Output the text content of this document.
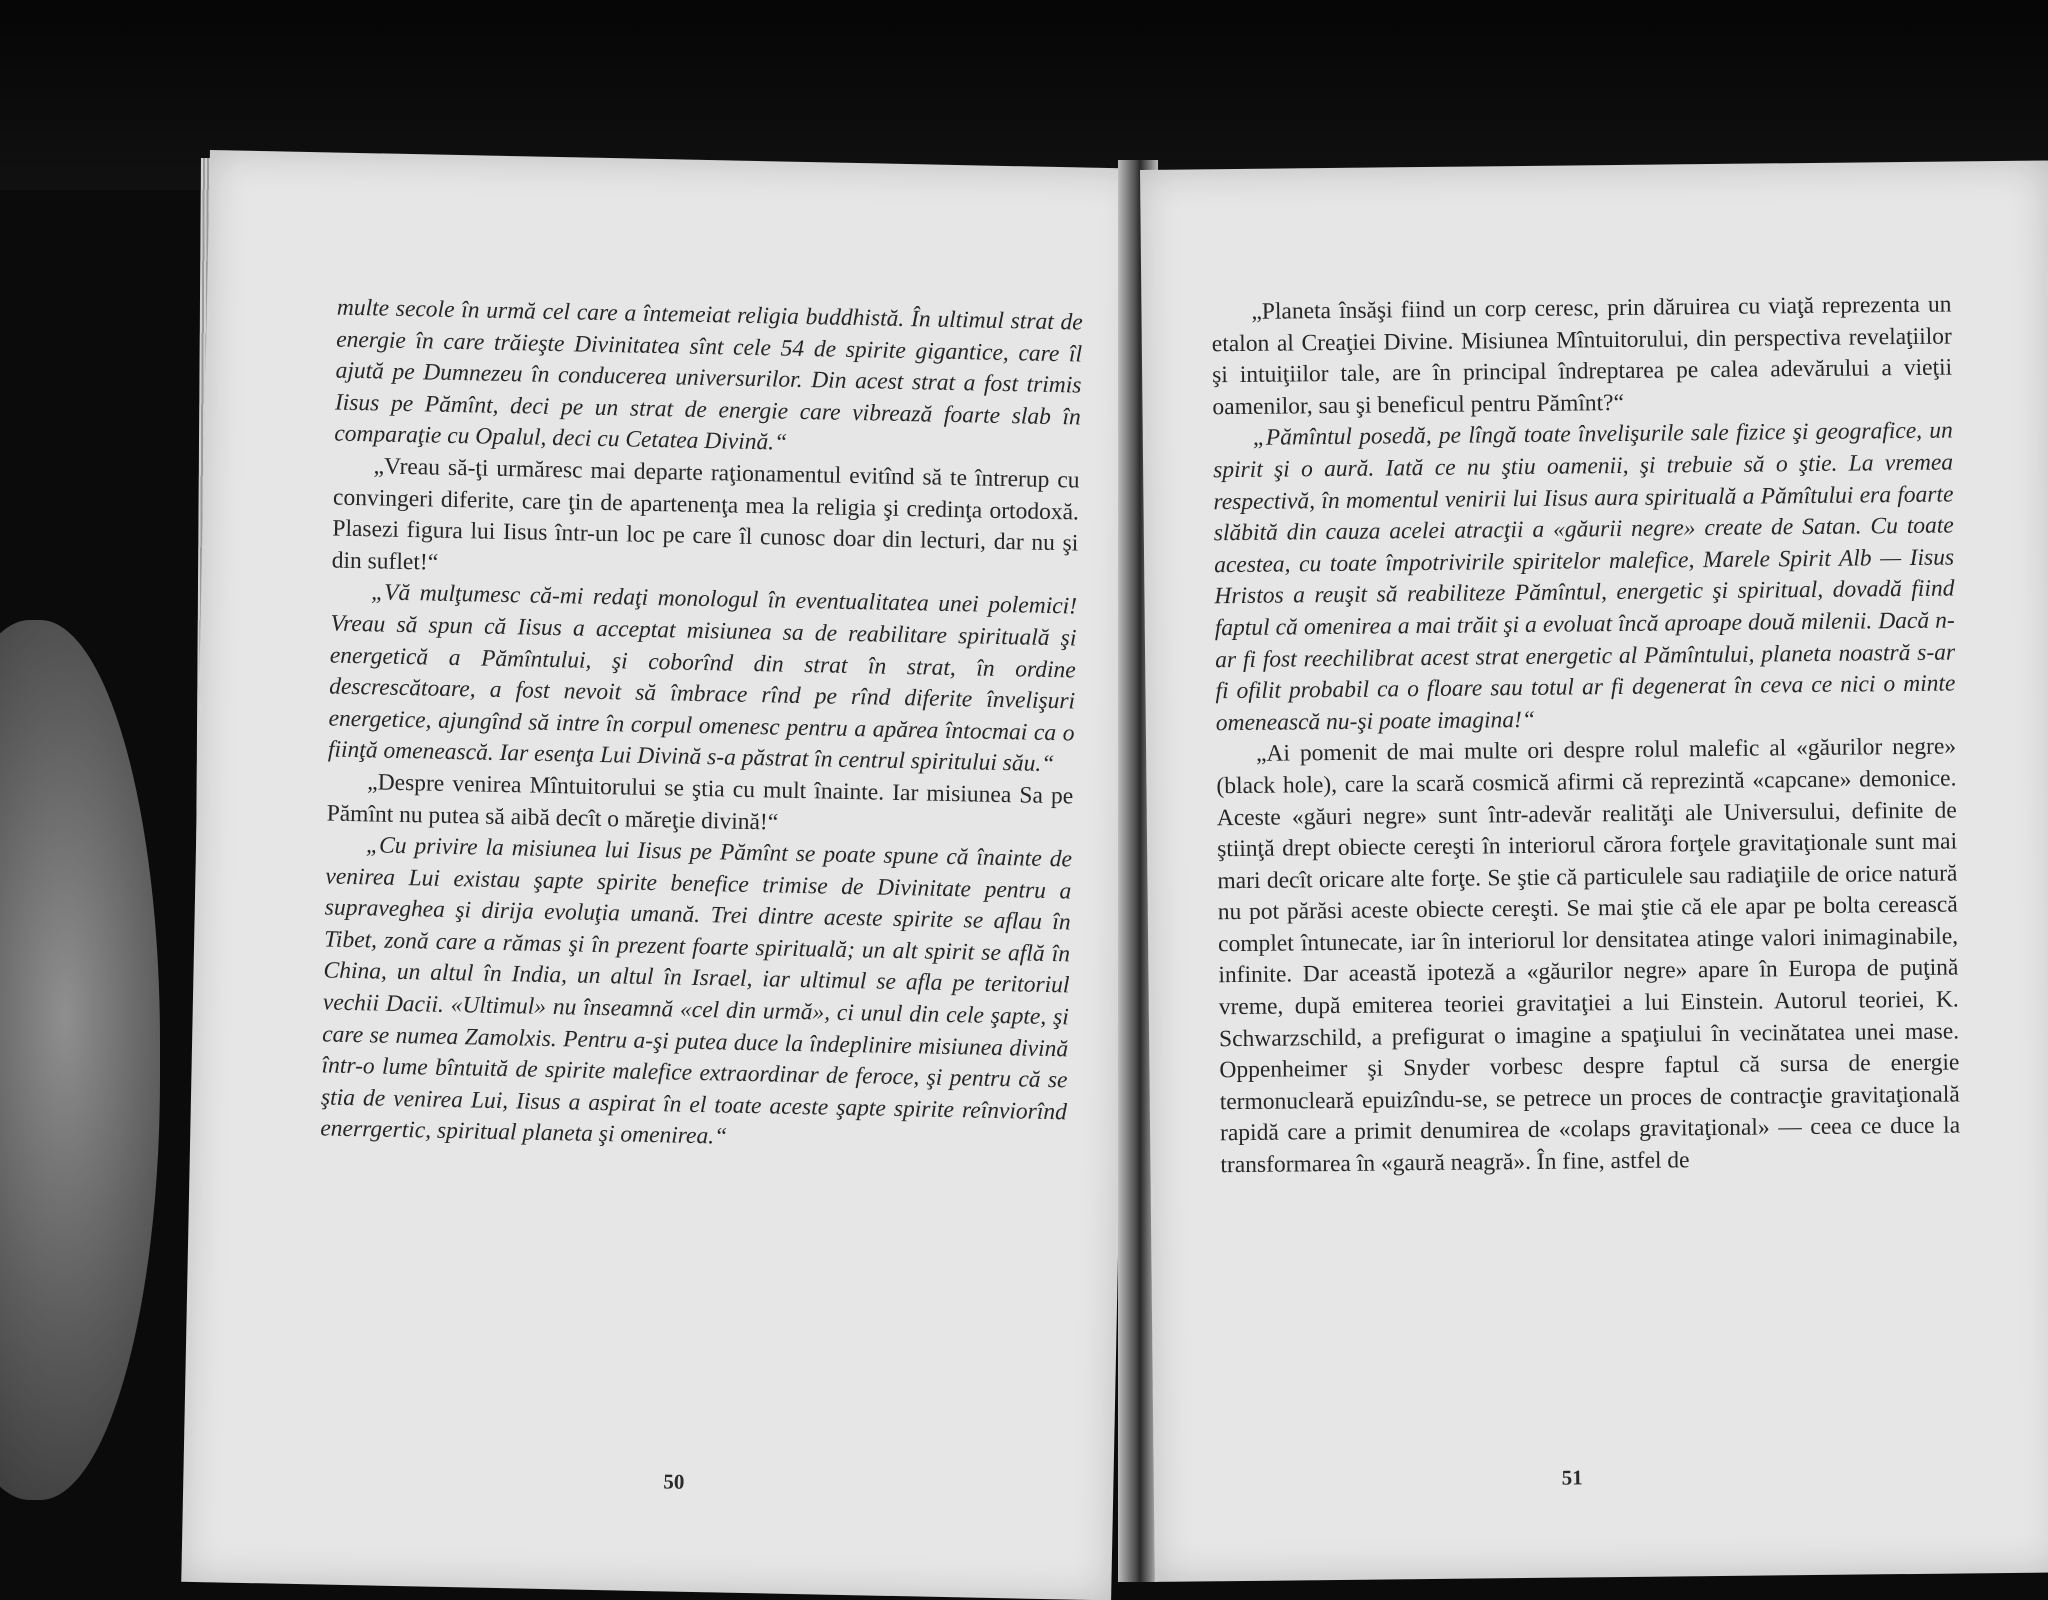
multe secole în urmă cel care a întemeiat religia buddhistă. În ultimul strat de energie în care trăieşte Divinitatea sînt cele 54 de spirite gigantice, care îl ajută pe Dumnezeu în conducerea universurilor. Din acest strat a fost trimis Iisus pe Pămînt, deci pe un strat de energie care vibrează foarte slab în comparaţie cu Opalul, deci cu Cetatea Divină.“

„Vreau să-ţi urmăresc mai departe raţionamentul evitînd să te întrerup cu convingeri diferite, care ţin de apartenenţa mea la religia şi credinţa ortodoxă. Plasezi figura lui Iisus într-un loc pe care îl cunosc doar din lecturi, dar nu şi din suflet!“

„Vă mulţumesc că-mi redaţi monologul în eventualitatea unei polemici! Vreau să spun că Iisus a acceptat misiunea sa de reabilitare spirituală şi energetică a Pămîntului, şi coborînd din strat în strat, în ordine descrescătoare, a fost nevoit să îmbrace rînd pe rînd diferite învelişuri energetice, ajungînd să intre în corpul omenesc pentru a apărea întocmai ca o fiinţă omenească. Iar esenţa Lui Divină s-a păstrat în centrul spiritului său.“

„Despre venirea Mîntuitorului se ştia cu mult înainte. Iar misiunea Sa pe Pămînt nu putea să aibă decît o măreţie divină!“

„Cu privire la misiunea lui Iisus pe Pămînt se poate spune că înainte de venirea Lui existau şapte spirite benefice trimise de Divinitate pentru a supraveghea şi dirija evoluţia umană. Trei dintre aceste spirite se aflau în Tibet, zonă care a rămas şi în prezent foarte spirituală; un alt spirit se află în China, un altul în India, un altul în Israel, iar ultimul se afla pe teritoriul vechii Dacii. «Ultimul» nu înseamnă «cel din urmă», ci unul din cele şapte, şi care se numea Zamolxis. Pentru a-şi putea duce la îndeplinire misiunea divină într-o lume bîntuită de spirite malefice extraordinar de feroce, şi pentru că se ştia de venirea Lui, Iisus a aspirat în el toate aceste şapte spirite reînviorînd enerrgertic, spiritual planeta şi omenirea.“

50

„Planeta însăşi fiind un corp ceresc, prin dăruirea cu viaţă reprezenta un etalon al Creaţiei Divine. Misiunea Mîntuitorului, din perspectiva revelaţiilor şi intuiţiilor tale, are în principal îndreptarea pe calea adevărului a vieţii oamenilor, sau şi beneficul pentru Pămînt?“

„Pămîntul posedă, pe lîngă toate învelişurile sale fizice şi geografice, un spirit şi o aură. Iată ce nu ştiu oamenii, şi trebuie să o ştie. La vremea respectivă, în momentul venirii lui Iisus aura spirituală a Pămîtului era foarte slăbită din cauza acelei atracţii a «găurii negre» create de Satan. Cu toate acestea, cu toate împotrivirile spiritelor malefice, Marele Spirit Alb — Iisus Hristos a reuşit să reabiliteze Pămîntul, energetic şi spiritual, dovadă fiind faptul că omenirea a mai trăit şi a evoluat încă aproape două milenii. Dacă n-ar fi fost reechilibrat acest strat energetic al Pămîntului, planeta noastră s-ar fi ofilit probabil ca o floare sau totul ar fi degenerat în ceva ce nici o minte omenească nu-şi poate imagina!“

„Ai pomenit de mai multe ori despre rolul malefic al «găurilor negre» (black hole), care la scară cosmică afirmi că reprezintă «capcane» demonice. Aceste «găuri negre» sunt într-adevăr realităţi ale Universului, definite de ştiinţă drept obiecte cereşti în interiorul cărora forţele gravitaţionale sunt mai mari decît oricare alte forţe. Se ştie că particulele sau radiaţiile de orice natură nu pot părăsi aceste obiecte cereşti. Se mai ştie că ele apar pe bolta cerească complet întunecate, iar în interiorul lor densitatea atinge valori inimaginabile, infinite. Dar această ipoteză a «găurilor negre» apare în Europa de puţină vreme, după emiterea teoriei gravitaţiei a lui Einstein. Autorul teoriei, K. Schwarzschild, a prefigurat o imagine a spaţiului în vecinătatea unei mase. Oppenheimer şi Snyder vorbesc despre faptul că sursa de energie termonucleară epuizîndu-se, se petrece un proces de contracţie gravitaţională rapidă care a primit denumirea de «colaps gravitaţional» — ceea ce duce la transformarea în «gaură neagră». În fine, astfel de

51
